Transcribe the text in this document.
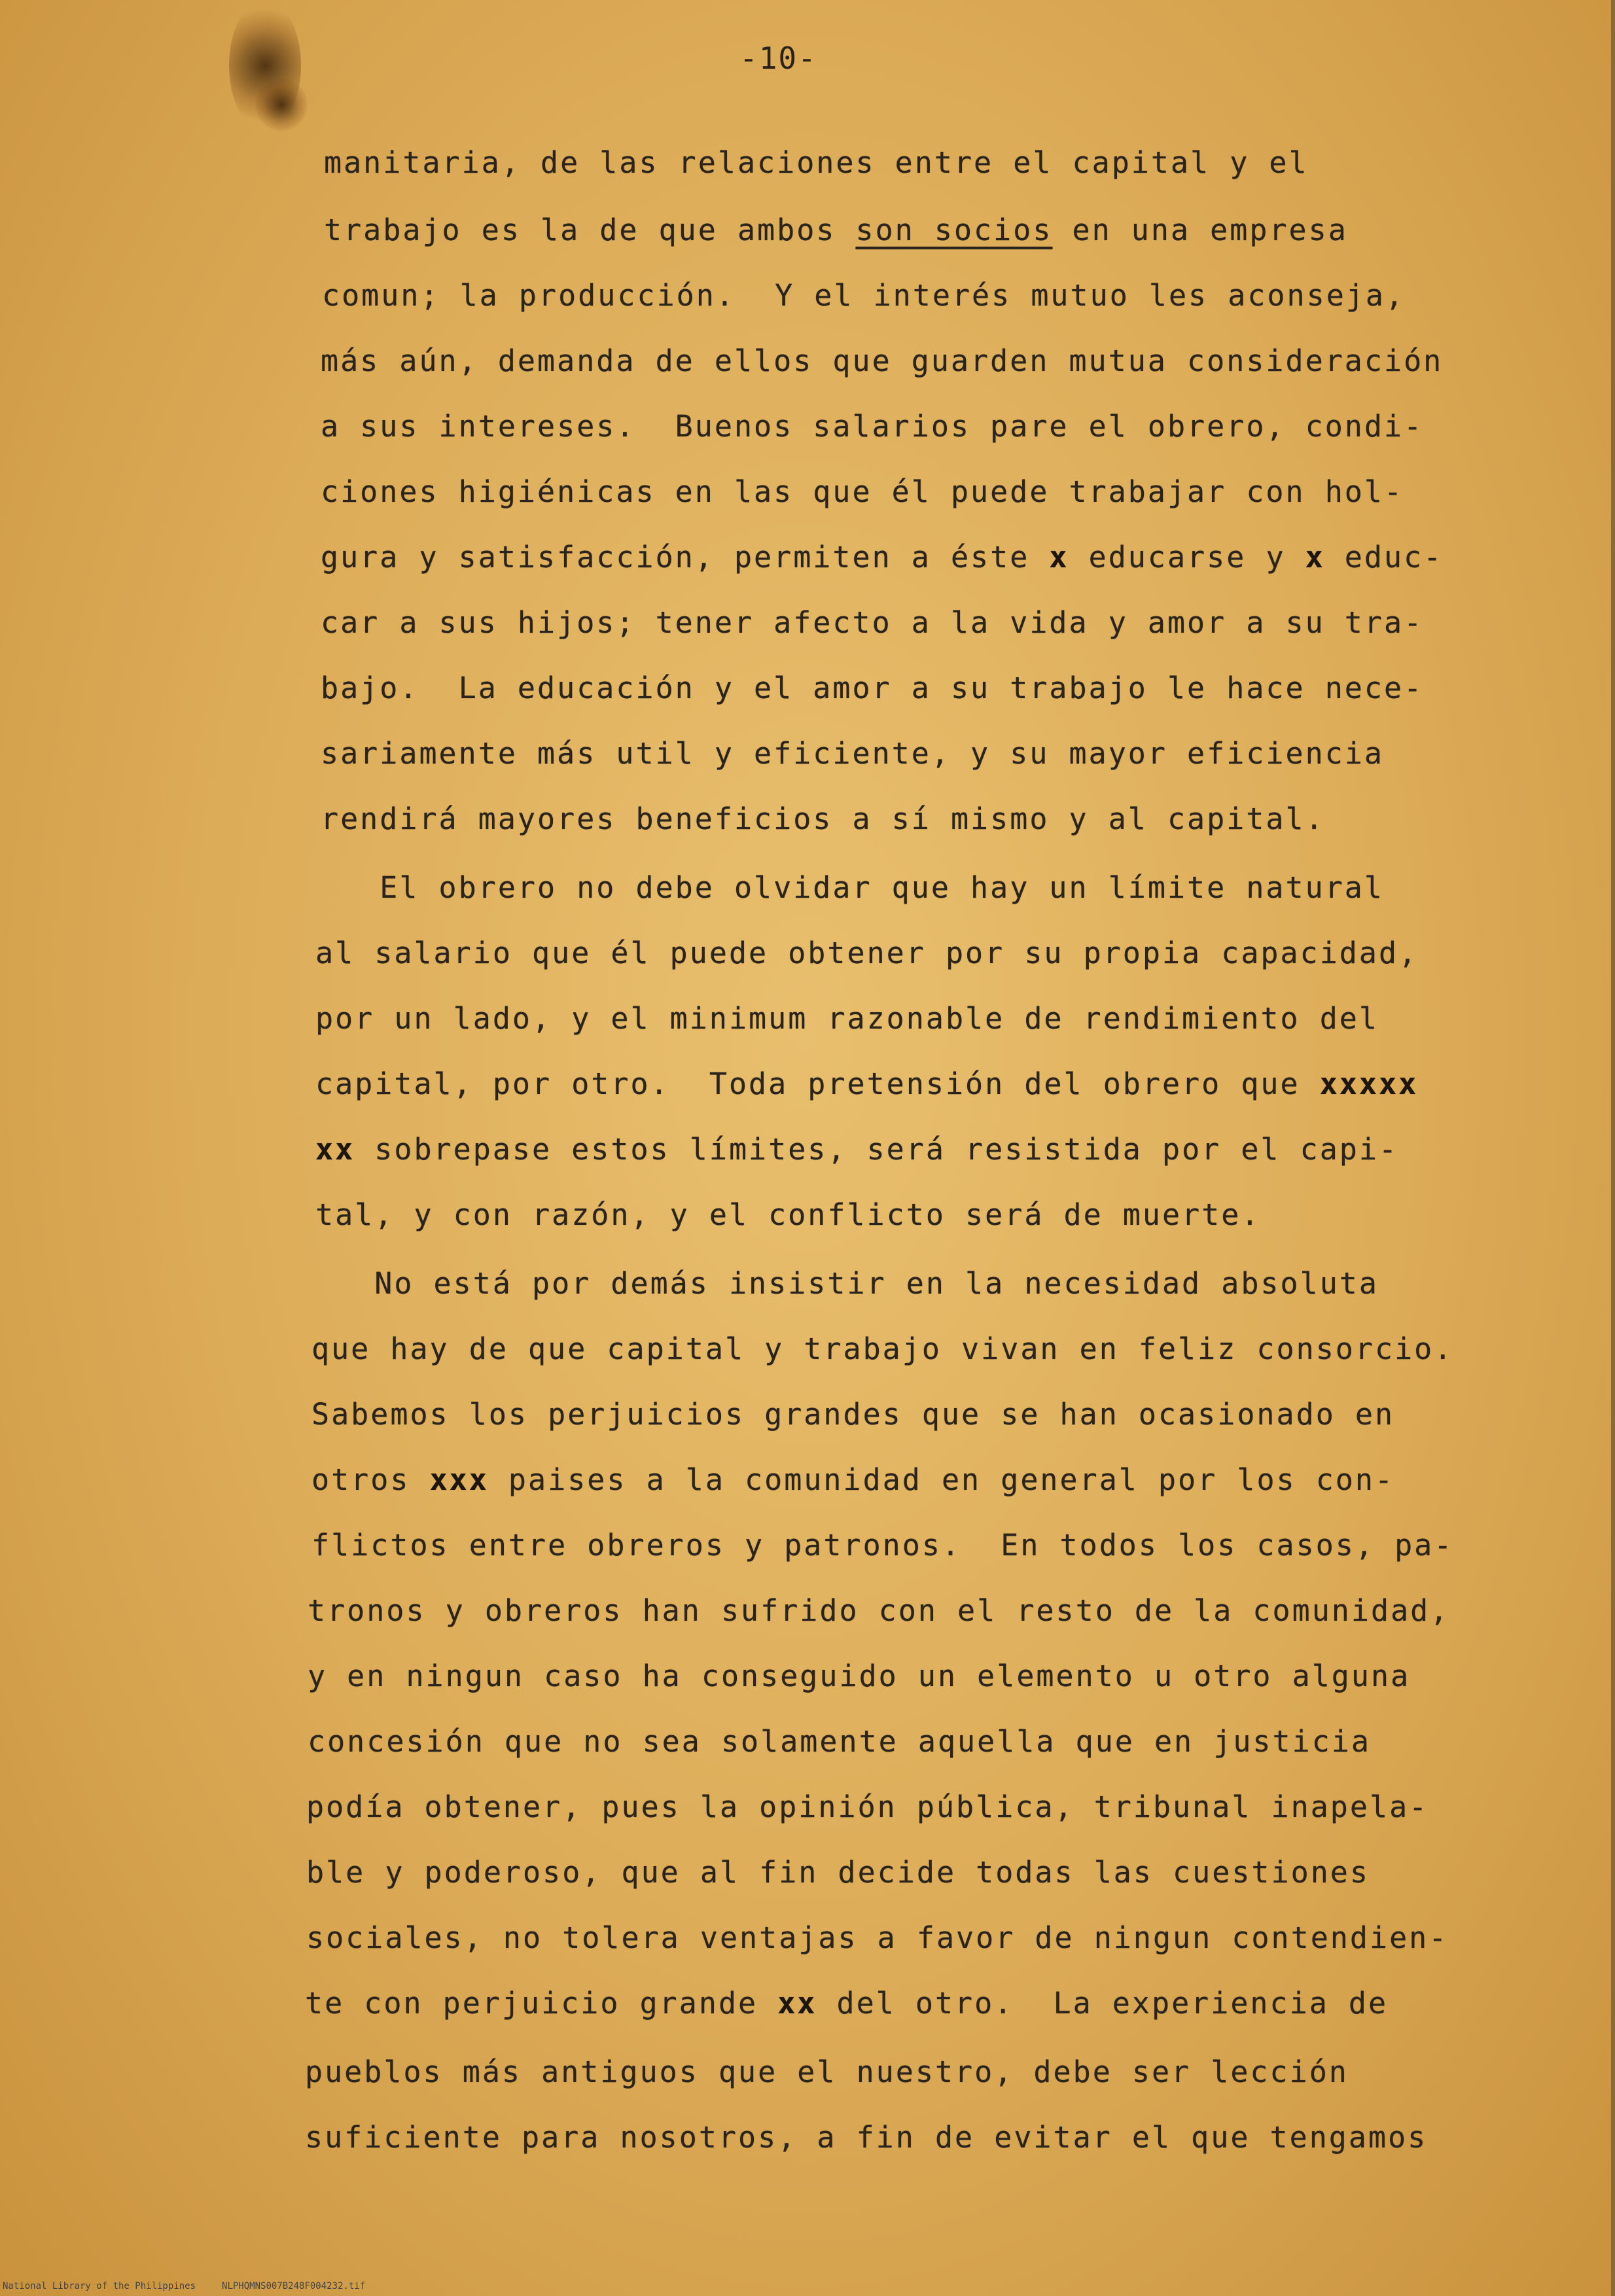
-10-
manitaria, de las relaciones entre el capital y el
trabajo es la de que ambos son socios en una empresa
comun; la producción.  Y el interés mutuo les aconseja,
más aún, demanda de ellos que guarden mutua consideración
a sus intereses.  Buenos salarios pare el obrero, condi-
ciones higiénicas en las que él puede trabajar con hol-
gura y satisfacción, permiten a éste x educarse y x educ-
car a sus hijos; tener afecto a la vida y amor a su tra-
bajo.  La educación y el amor a su trabajo le hace nece-
sariamente más util y eficiente, y su mayor eficiencia
rendirá mayores beneficios a sí mismo y al capital.
El obrero no debe olvidar que hay un límite natural
al salario que él puede obtener por su propia capacidad,
por un lado, y el minimum razonable de rendimiento del
capital, por otro.  Toda pretensión del obrero que xxxxx
xx sobrepase estos límites, será resistida por el capi-
tal, y con razón, y el conflicto será de muerte.
No está por demás insistir en la necesidad absoluta
que hay de que capital y trabajo vivan en feliz consorcio.
Sabemos los perjuicios grandes que se han ocasionado en
otros xxx paises a la comunidad en general por los con-
flictos entre obreros y patronos.  En todos los casos, pa-
tronos y obreros han sufrido con el resto de la comunidad,
y en ningun caso ha conseguido un elemento u otro alguna
concesión que no sea solamente aquella que en justicia
podía obtener, pues la opinión pública, tribunal inapela-
ble y poderoso, que al fin decide todas las cuestiones
sociales, no tolera ventajas a favor de ningun contendien-
te con perjuicio grande xx del otro.  La experiencia de
pueblos más antiguos que el nuestro, debe ser lección
suficiente para nosotros, a fin de evitar el que tengamos
National Library of the Philippines	NLPHQMNS007B248F004232.tif
